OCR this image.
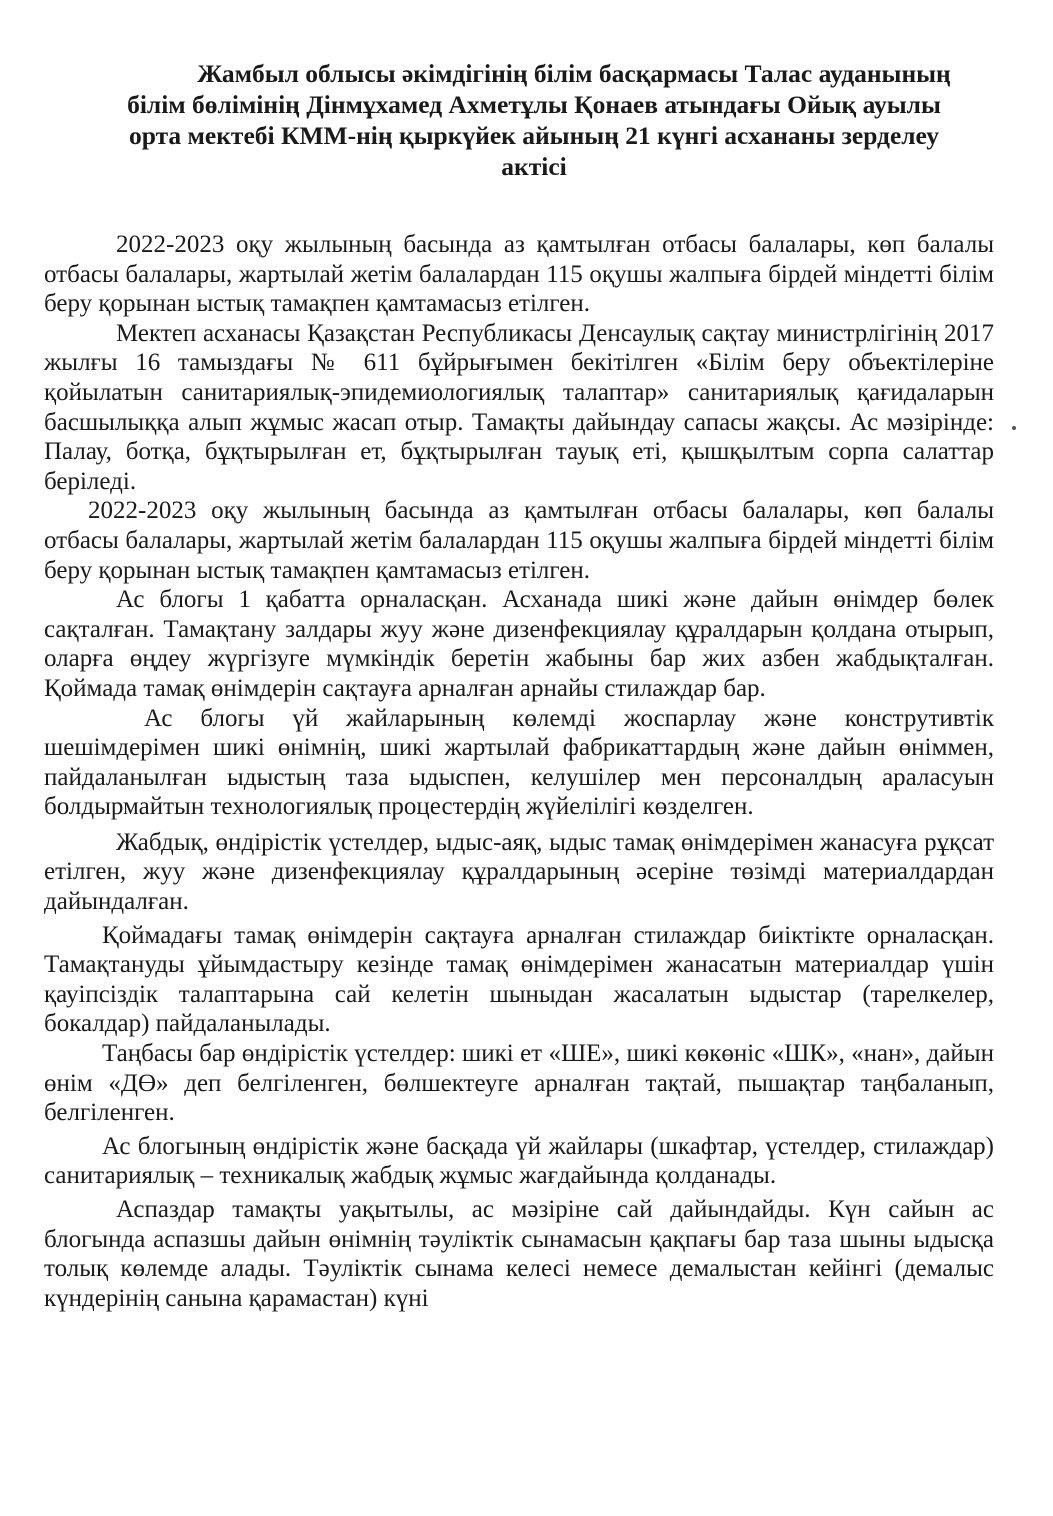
Жамбыл облысы әкімдігінің білім басқармасы Талас ауданының
білім бөлімінің Дінмұхамед Ахметұлы Қонаев атындағы Ойық ауылы
орта мектебі КММ-нің қыркүйек айының 21 күнгі асхананы зерделеу
актісі

2022-2023 оқу жылының басында аз қамтылған отбасы балалары, көп балалы отбасы балалары, жартылай жетім балалардан 115 оқушы жалпыға бірдей міндетті білім беру қорынан ыстық тамақпен қамтамасыз етілген.

Мектеп асханасы Қазақстан Республикасы Денсаулық сақтау министрлігінің 2017 жылғы 16 тамыздағы № 611 бұйрығымен бекітілген «Білім беру объектілеріне қойылатын санитариялық-эпидемиологиялық талаптар» санитариялық қағидаларын басшылыққа алып жұмыс жасап отыр. Тамақты дайындау сапасы жақсы. Ас мәзірінде: Палау, ботқа, бұқтырылған ет, бұқтырылған тауық еті, қышқылтым сорпа салаттар беріледі.

2022-2023 оқу жылының басында аз қамтылған отбасы балалары, көп балалы отбасы балалары, жартылай жетім балалардан 115 оқушы жалпыға бірдей міндетті білім беру қорынан ыстық тамақпен қамтамасыз етілген.

Ас блогы 1 қабатта орналасқан. Асханада шикі және дайын өнімдер бөлек сақталған. Тамақтану залдары жуу және дизенфекциялау құралдарын қолдана отырып, оларға өңдеу жүргізуге мүмкіндік беретін жабыны бар жих азбен жабдықталған. Қоймада тамақ өнімдерін сақтауға арналған арнайы стилаждар бар.

Ас блогы үй жайларының көлемді жоспарлау және конструтивтік шешімдерімен шикі өнімнің, шикі жартылай фабрикаттардың және дайын өніммен, пайдаланылған ыдыстың таза ыдыспен, келушілер мен персоналдың араласуын болдырмайтын технологиялық процестердің жүйелілігі көзделген.

Жабдық, өндірістік үстелдер, ыдыс-аяқ, ыдыс тамақ өнімдерімен жанасуға рұқсат етілген, жуу және дизенфекциялау құралдарының әсеріне төзімді материалдардан дайындалған.

Қоймадағы тамақ өнімдерін сақтауға арналған стилаждар биіктікте орналасқан. Тамақтануды ұйымдастыру кезінде тамақ өнімдерімен жанасатын материалдар үшін қауіпсіздік талаптарына сай келетін шыныдан жасалатын ыдыстар (тарелкелер, бокалдар) пайдаланылады.

Таңбасы бар өндірістік үстелдер: шикі ет «ШЕ», шикі көкөніс «ШК», «нан», дайын өнім «ДӨ» деп белгіленген, бөлшектеуге арналған тақтай, пышақтар таңбаланып, белгіленген.

Ас блогының өндірістік және басқада үй жайлары (шкафтар, үстелдер, стилаждар) санитариялық – техникалық жабдық жұмыс жағдайында қолданады.

Аспаздар тамақты уақытылы, ас мәзіріне сай дайындайды. Күн сайын ас блогында аспазшы дайын өнімнің тәуліктік сынамасын қақпағы бар таза шыны ыдысқа толық көлемде алады. Тәуліктік сынама келесі немесе демалыстан кейінгі (демалыс күндерінің санына қарамастан) күні
